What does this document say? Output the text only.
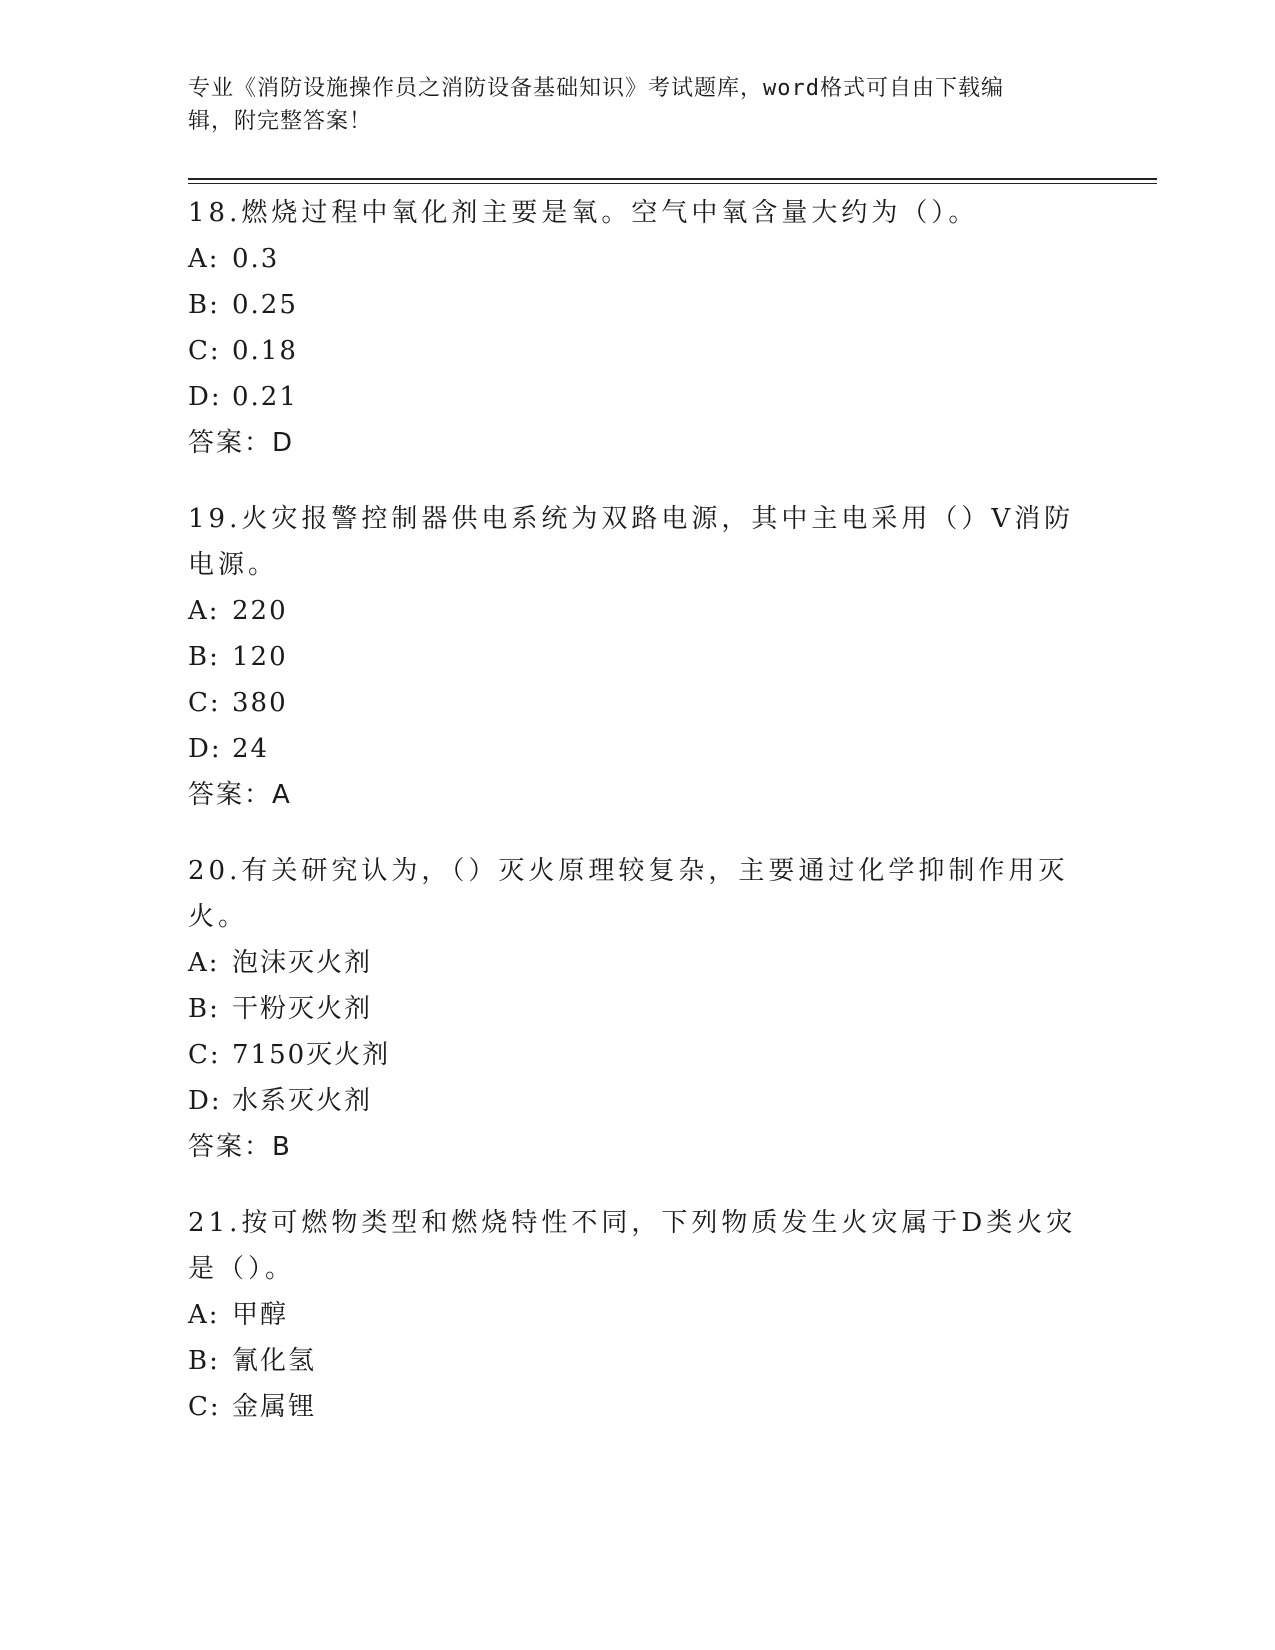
专业《消防设施操作员之消防设备基础知识》考试题库，word格式可自由下载编
辑，附完整答案！

18.燃烧过程中氧化剂主要是氧。空气中氧含量大约为（）。

A: 0.3

B: 0.25

C: 0.18

D: 0.21

答案：D

19.火灾报警控制器供电系统为双路电源，其中主电采用（）V消防电源。

A: 220

B: 120

C: 380

D: 24

答案：A

20.有关研究认为，（）灭火原理较复杂，主要通过化学抑制作用灭火。

A: 泡沫灭火剂

B: 干粉灭火剂

C: 7150灭火剂

D: 水系灭火剂

答案：B

21.按可燃物类型和燃烧特性不同，下列物质发生火灾属于D类火灾是（）。

A: 甲醇

B: 氰化氢

C: 金属锂
